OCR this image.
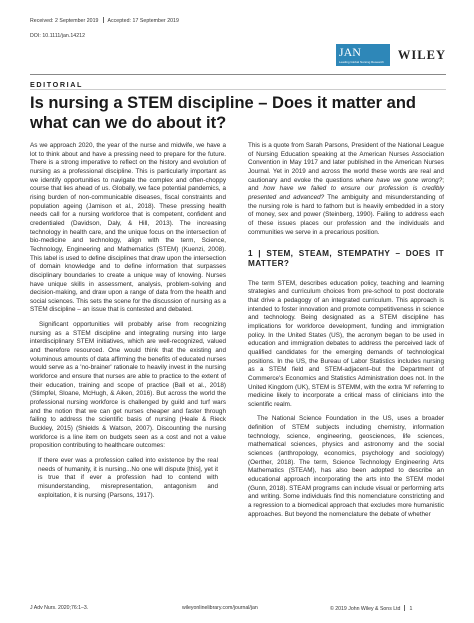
Received: 2 September 2019 Accepted: 17 September 2019
DOI: 10.1111/jan.14212
JAN
Leading Global Nursing Research
WILEY
EDITORIAL
Is nursing a STEM discipline – Does it matter and what can we do about it?

As we approach 2020, the year of the nurse and midwife, we have a lot to think about and have a pressing need to prepare for the future. There is a strong imperative to reflect on the history and evolution of nursing as a professional discipline. This is particularly important as we identify opportunities to navigate the complex and often-choppy course that lies ahead of us. Globally, we face potential pandemics, a rising burden of non-communicable diseases, fiscal constraints and population ageing (Jamison et al., 2018). These pressing health needs call for a nursing workforce that is competent, confident and credentialed (Davidson, Daly, & Hill, 2013). The increasing technology in health care, and the unique focus on the intersection of bio-medicine and technology, align with the term, Science, Technology, Engineering and Mathematics (STEM) (Kuenzi, 2008). This label is used to define disciplines that draw upon the intersection of domain knowledge and to define information that surpasses disciplinary boundaries to create a unique way of knowing. Nurses have unique skills in assessment, analysis, problem-solving and decision-making, and draw upon a range of data from the health and social sciences. This sets the scene for the discussion of nursing as a STEM discipline – an issue that is contested and debated.

Significant opportunities will probably arise from recognizing nursing as a STEM discipline and integrating nursing into large interdisciplinary STEM initiatives, which are well-recognized, valued and therefore resourced. One would think that the existing and voluminous amounts of data affirming the benefits of educated nurses would serve as a 'no-brainer' rationale to heavily invest in the nursing workforce and ensure that nurses are able to practice to the extent of their education, training and scope of practice (Ball et al., 2018) (Stimpfel, Sloane, McHugh, & Aiken, 2016). But across the world the professional nursing workforce is challenged by guild and turf wars and the notion that we can get nurses cheaper and faster through failing to address the scientific basis of nursing (Heale & Rieck Buckley, 2015) (Shields & Watson, 2007). Discounting the nursing workforce is a line item on budgets seen as a cost and not a value proposition contributing to healthcare outcomes:

If there ever was a profession called into existence by the real needs of humanity, it is nursing...No one will dispute [this], yet it is true that if ever a profession had to contend with misunderstanding, misrepresentation, antagonism and exploitation, it is nursing (Parsons, 1917).

This is a quote from Sarah Parsons, President of the National League of Nursing Education speaking at the American Nurses Association Convention in May 1917 and later published in the American Nurses Journal. Yet in 2019 and across the world these words are real and cautionary and evoke the questions where have we gone wrong?; and how have we failed to ensure our profession is credibly presented and advanced? The ambiguity and misunderstanding of the nursing role is hard to fathom but is heavily embedded in a story of money, sex and power (Steinberg, 1990). Failing to address each of these issues places our profession and the individuals and communities we serve in a precarious position.

1 | STEM, STEAM, STEMPATHY – DOES IT MATTER?

The term STEM, describes education policy, teaching and learning strategies and curriculum choices from pre-school to post doctorate that drive a pedagogy of an integrated curriculum. This approach is intended to foster innovation and promote competitiveness in science and technology. Being designated as a STEM discipline has implications for workforce development, funding and immigration policy. In the United States (US), the acronym began to be used in education and immigration debates to address the perceived lack of qualified candidates for the emerging demands of technological positions. In the US, the Bureau of Labor Statistics includes nursing as a STEM field and STEM-adjacent–but the Department of Commerce's Economics and Statistics Administration does not. In the United Kingdom (UK), STEM is STEMM, with the extra 'M' referring to medicine likely to incorporate a critical mass of clinicians into the scientific realm.

The National Science Foundation in the US, uses a broader definition of STEM subjects including chemistry, information technology, science, engineering, geosciences, life sciences, mathematical sciences, physics and astronomy and the social sciences (anthropology, economics, psychology and sociology) (Oerther, 2018). The term, Science Technology Engineering Arts Mathematics (STEAM), has also been adopted to describe an educational approach incorporating the arts into the STEM model (Gunn, 2018). STEAM programs can include visual or performing arts and writing. Some individuals find this nomenclature constricting and a regression to a biomedical approach that excludes more humanistic approaches. But beyond the nomenclature the debate of whether

J Adv Nurs. 2020;76:1–3.	wileyonlinelibrary.com/journal/jan	© 2019 John Wiley & Sons Ltd 1
